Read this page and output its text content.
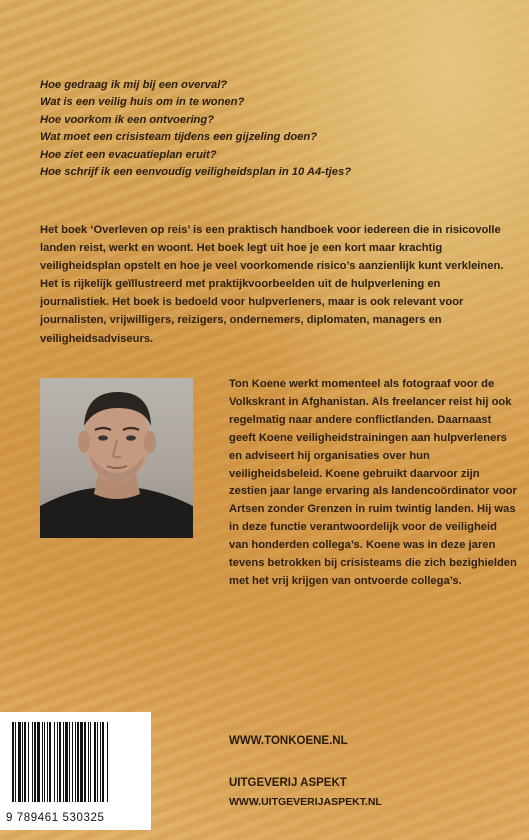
Hoe gedraag ik mij bij een overval?
Wat is een veilig huis om in te wonen?
Hoe voorkom ik een ontvoering?
Wat moet een crisisteam tijdens een gijzeling doen?
Hoe ziet een evacuatieplan eruit?
Hoe schrijf ik een eenvoudig veiligheidsplan in 10 A4-tjes?
Het boek ‘Overleven op reis’ is een praktisch handboek voor iedereen die in risicovolle landen reist, werkt en woont. Het boek legt uit hoe je een kort maar krachtig veiligheidsplan opstelt en hoe je veel voorkomende risico’s aanzienlijk kunt verkleinen. Het is rijkelijk geïllustreerd met praktijkvoorbeelden uit de hulpverlening en journalistiek. Het boek is bedoeld voor hulpverleners, maar is ook relevant voor journalisten, vrijwilligers, reizigers, ondernemers, diplomaten, managers en veiligheidsadviseurs.
Ton Koene werkt momenteel als fotograaf voor de Volkskrant in Afghanistan. Als freelancer reist hij ook regelmatig naar andere conflictlanden. Daarnaast geeft Koene veiligheidstrainingen aan hulpverleners en adviseert hij organisaties over hun veiligheidsbeleid. Koene gebruikt daarvoor zijn zestien jaar lange ervaring als landencoördinator voor Artsen zonder Grenzen in ruim twintig landen. Hij was in deze functie verantwoordelijk voor de veiligheid van honderden collega’s. Koene was in deze jaren tevens betrokken bij crisisteams die zich bezighielden met het vrij krijgen van ontvoerde collega’s.
WWW.TONKOENE.NL
UITGEVERIJ ASPEKT
WWW.UITGEVERIJASPEKT.NL
9 789461 530325
